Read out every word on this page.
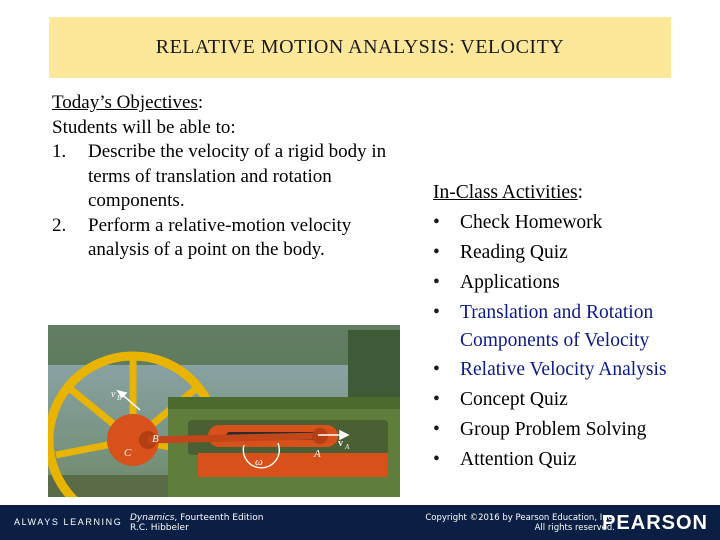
RELATIVE MOTION ANALYSIS: VELOCITY
Today’s Objectives:
Students will be able to:
1.	Describe the velocity of a rigid body in terms of translation and rotation components.
2.	Perform a relative-motion velocity analysis of a point on the body.
In-Class Activities:
•	Check Homework
•	Reading Quiz
•	Applications
•	Translation and Rotation Components of Velocity
•	Relative Velocity Analysis
•	Concept Quiz
•	Group Problem Solving
•	Attention Quiz
v B
B
C
v A
A
ω
ALWAYS LEARNING Dynamics, Fourteenth Edition
R.C. Hibbeler
Copyright ©2016 by Pearson Education, Inc.
All rights reserved.
PEARSON
